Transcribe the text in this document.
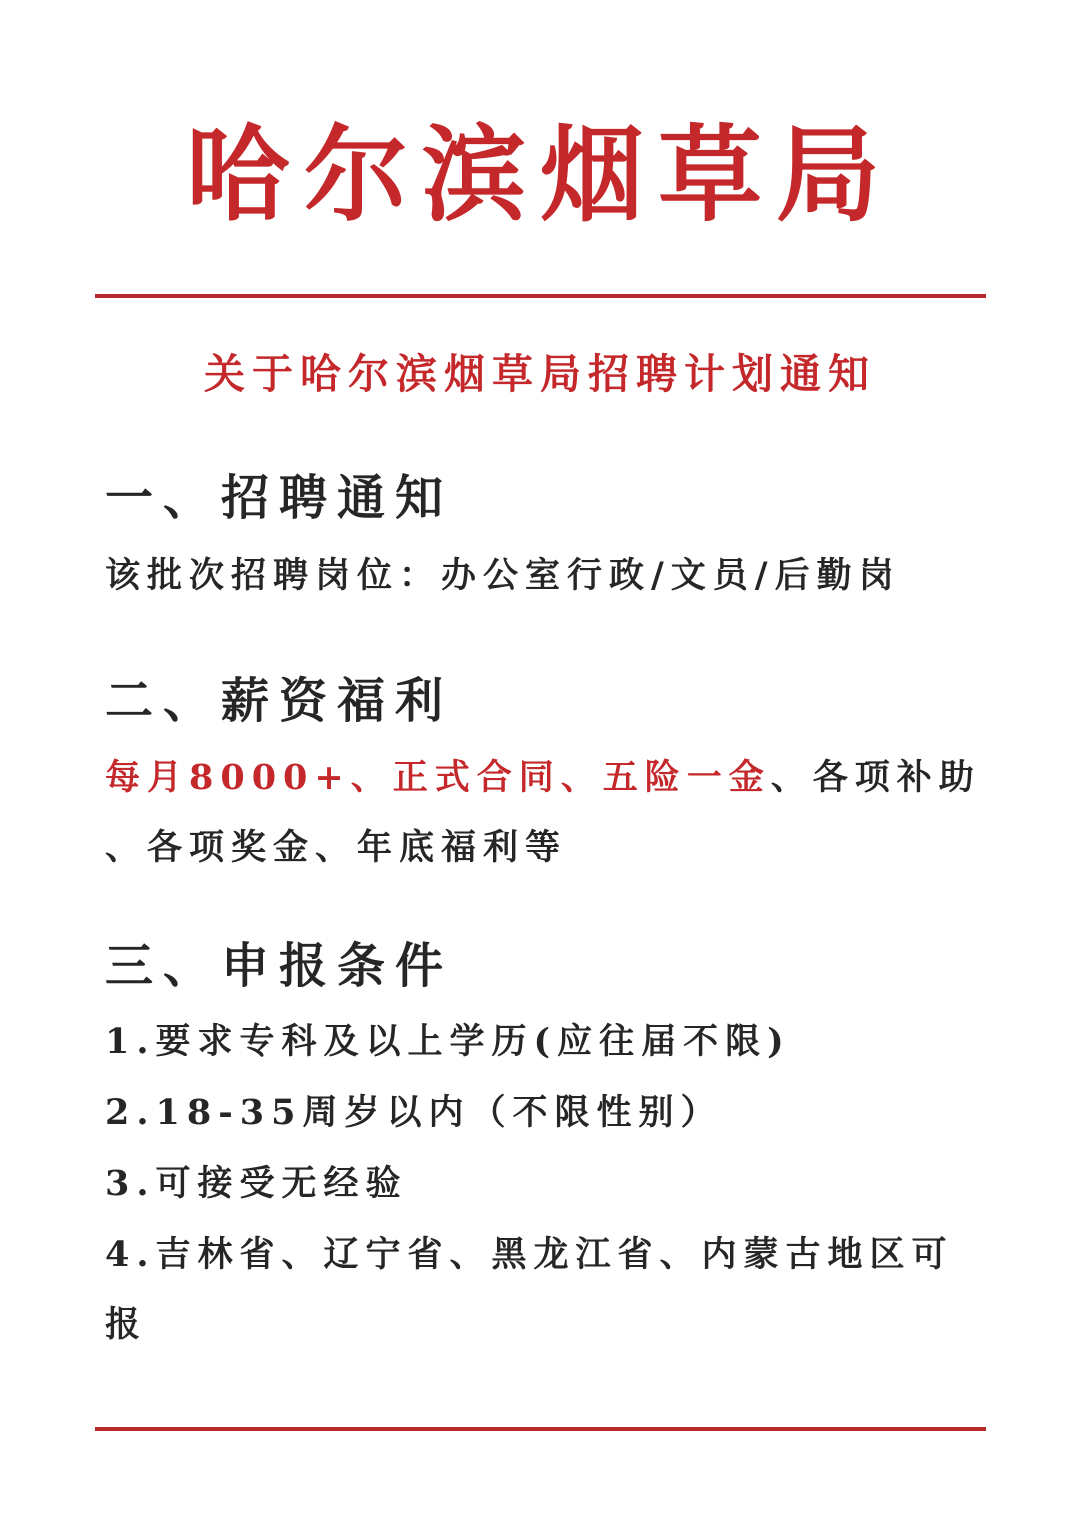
哈尔滨烟草局
关于哈尔滨烟草局招聘计划通知
一、招聘通知
该批次招聘岗位：办公室行政/文员/后勤岗
二、薪资福利
每月8000+、正式合同、五险一金、各项补助
、各项奖金、年底福利等
三、申报条件
1.要求专科及以上学历(应往届不限)
2.18-35周岁以内（不限性别）
3.可接受无经验
4.吉林省、辽宁省、黑龙江省、内蒙古地区可
报
